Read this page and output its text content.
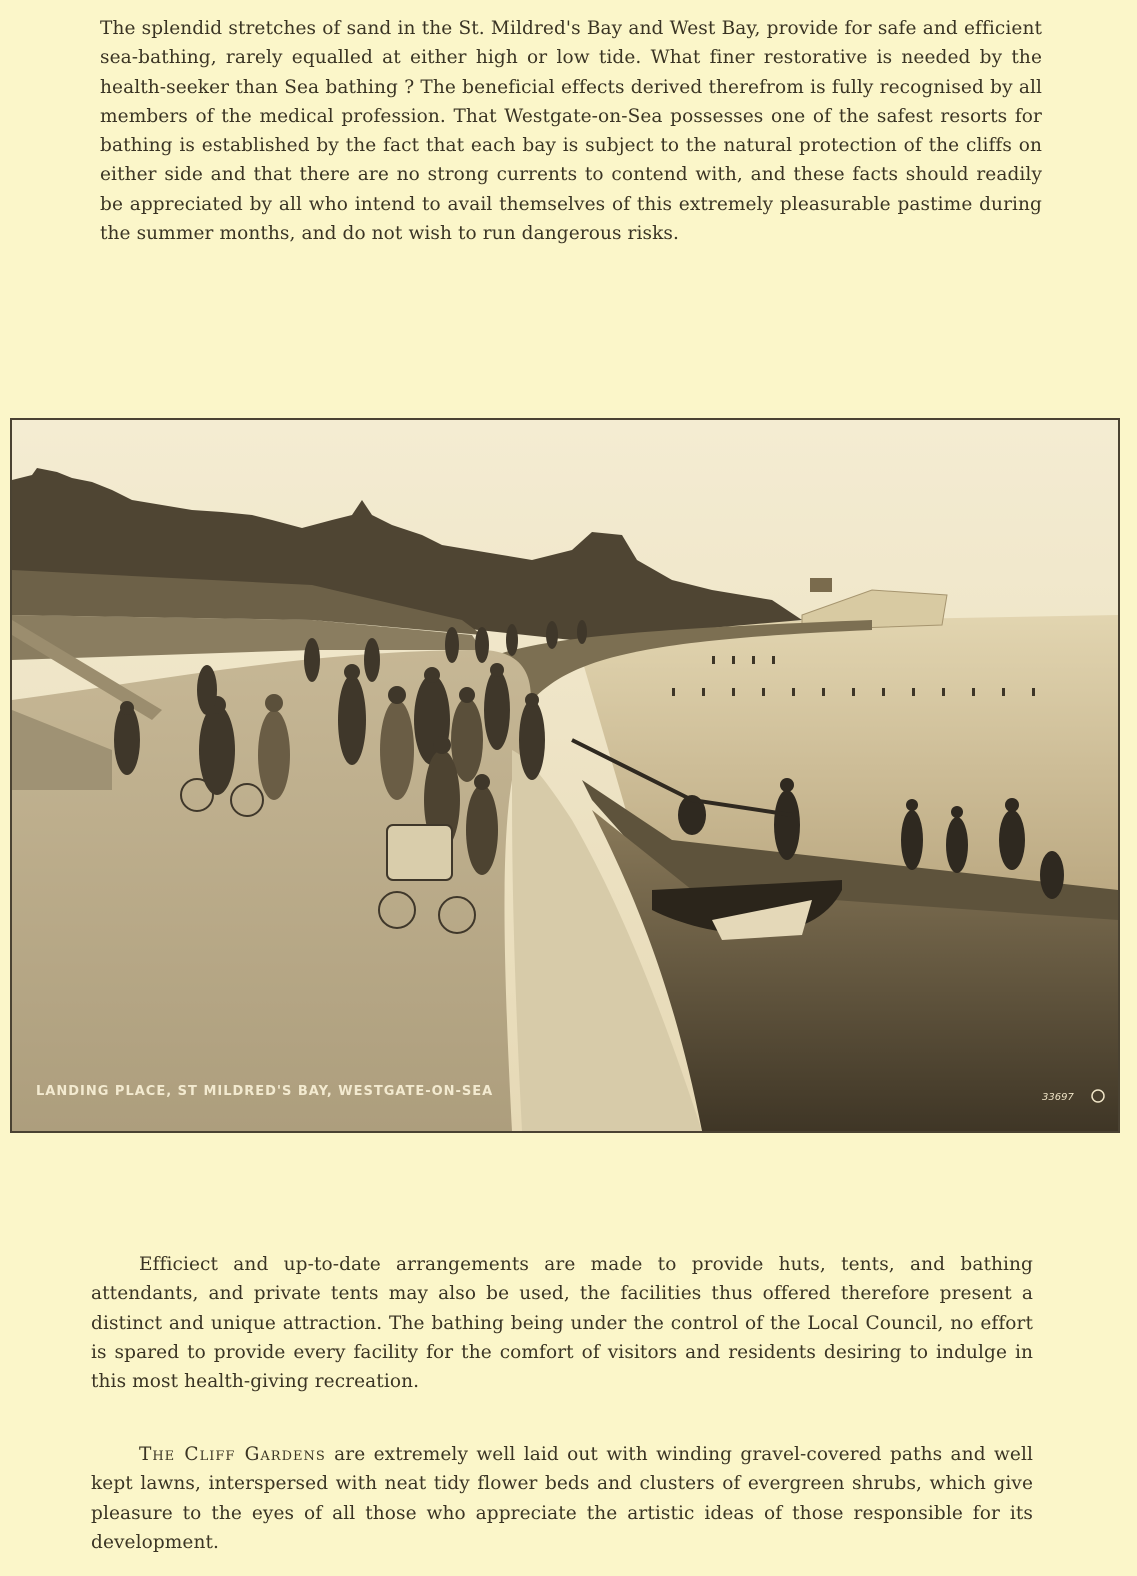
The splendid stretches of sand in the St. Mildred's Bay and West Bay, provide for safe and efficient sea-bathing, rarely equalled at either high or low tide. What finer restorative is needed by the health-seeker than Sea bathing ? The beneficial effects derived therefrom is fully recognised by all members of the medical profession. That Westgate-on-Sea possesses one of the safest resorts for bathing is established by the fact that each bay is subject to the natural protection of the cliffs on either side and that there are no strong currents to contend with, and these facts should readily be appreciated by all who intend to avail themselves of this extremely pleasurable pastime during the summer months, and do not wish to run dangerous risks.

LANDING PLACE, ST MILDRED'S BAY, WESTGATE-ON-SEA	33697

Efficiect and up-to-date arrangements are made to provide huts, tents, and bathing attendants, and private tents may also be used, the facilities thus offered therefore present a distinct and unique attraction. The bathing being under the control of the Local Council, no effort is spared to provide every facility for the comfort of visitors and residents desiring to indulge in this most health-giving recreation.

The Cliff Gardens are extremely well laid out with winding gravel-covered paths and well kept lawns, interspersed with neat tidy flower beds and clusters of evergreen shrubs, which give pleasure to the eyes of all those who appreciate the artistic ideas of those responsible for its development.
